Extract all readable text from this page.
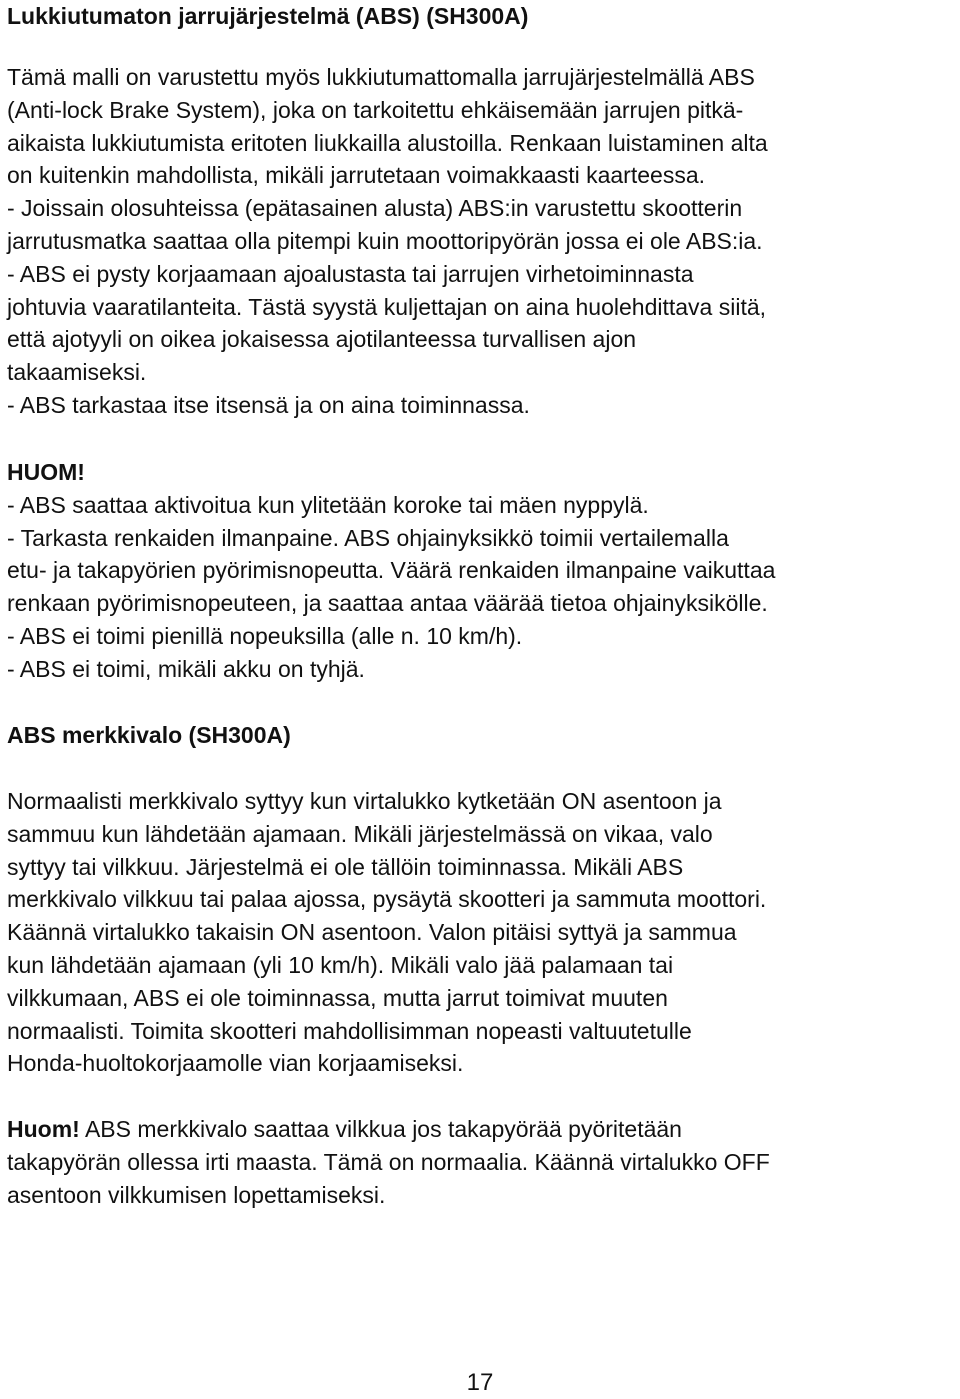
Lukkiutumaton jarrujärjestelmä (ABS) (SH300A)

Tämä malli on varustettu myös lukkiutumattomalla jarrujärjestelmällä ABS

(Anti-lock Brake System), joka on tarkoitettu ehkäisemään jarrujen pitkä-

aikaista lukkiutumista eritoten liukkailla alustoilla. Renkaan luistaminen alta

on kuitenkin mahdollista, mikäli jarrutetaan voimakkaasti kaarteessa.

- Joissain olosuhteissa (epätasainen alusta) ABS:in varustettu skootterin

jarrutusmatka saattaa olla pitempi kuin moottoripyörän jossa ei ole ABS:ia.

- ABS ei pysty korjaamaan ajoalustasta tai jarrujen virhetoiminnasta

johtuvia vaaratilanteita. Tästä syystä kuljettajan on aina huolehdittava siitä,

että ajotyyli on oikea jokaisessa ajotilanteessa turvallisen ajon

takaamiseksi.

- ABS tarkastaa itse itsensä ja on aina toiminnassa.

HUOM!

- ABS saattaa aktivoitua kun ylitetään koroke tai mäen nyppylä.

- Tarkasta renkaiden ilmanpaine. ABS ohjainyksikkö toimii vertailemalla

etu- ja takapyörien pyörimisnopeutta. Väärä renkaiden ilmanpaine vaikuttaa

renkaan pyörimisnopeuteen, ja saattaa antaa väärää tietoa ohjainyksikölle.

- ABS ei toimi pienillä nopeuksilla (alle n. 10 km/h).

- ABS ei toimi, mikäli akku on tyhjä.

ABS merkkivalo (SH300A)

Normaalisti merkkivalo syttyy kun virtalukko kytketään ON asentoon ja

sammuu kun lähdetään ajamaan. Mikäli järjestelmässä on vikaa, valo

syttyy tai vilkkuu. Järjestelmä ei ole tällöin toiminnassa. Mikäli ABS

merkkivalo vilkkuu tai palaa ajossa, pysäytä skootteri ja sammuta moottori.

Käännä virtalukko takaisin ON asentoon. Valon pitäisi syttyä ja sammua

kun lähdetään ajamaan (yli 10 km/h). Mikäli valo jää palamaan tai

vilkkumaan, ABS ei ole toiminnassa, mutta jarrut toimivat muuten

normaalisti. Toimita skootteri mahdollisimman nopeasti valtuutetulle

Honda-huoltokorjaamolle vian korjaamiseksi.

Huom! ABS merkkivalo saattaa vilkkua jos takapyörää pyöritetään

takapyörän ollessa irti maasta. Tämä on normaalia. Käännä virtalukko OFF

asentoon vilkkumisen lopettamiseksi.

17
